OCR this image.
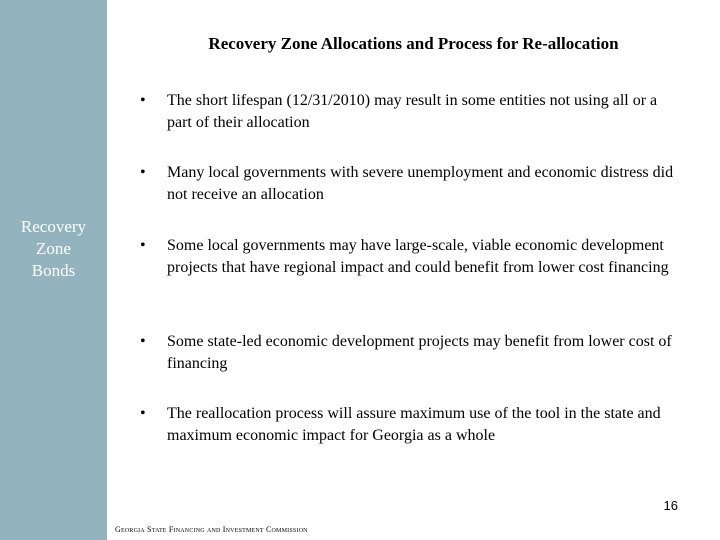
Recovery
Zone
Bonds
Recovery Zone Allocations and Process for Re-allocation
•	The short lifespan (12/31/2010) may result in some entities not using all or a part of their allocation
•	Many local governments with severe unemployment and economic distress did not receive an allocation
•	Some local governments may have large-scale, viable economic development projects that have regional impact and could benefit from lower cost financing
•	Some state-led economic development projects may benefit from lower cost of financing
•	The reallocation process will assure maximum use of the tool in the state and maximum economic impact for Georgia as a whole
16
Georgia State Financing and Investment Commission
